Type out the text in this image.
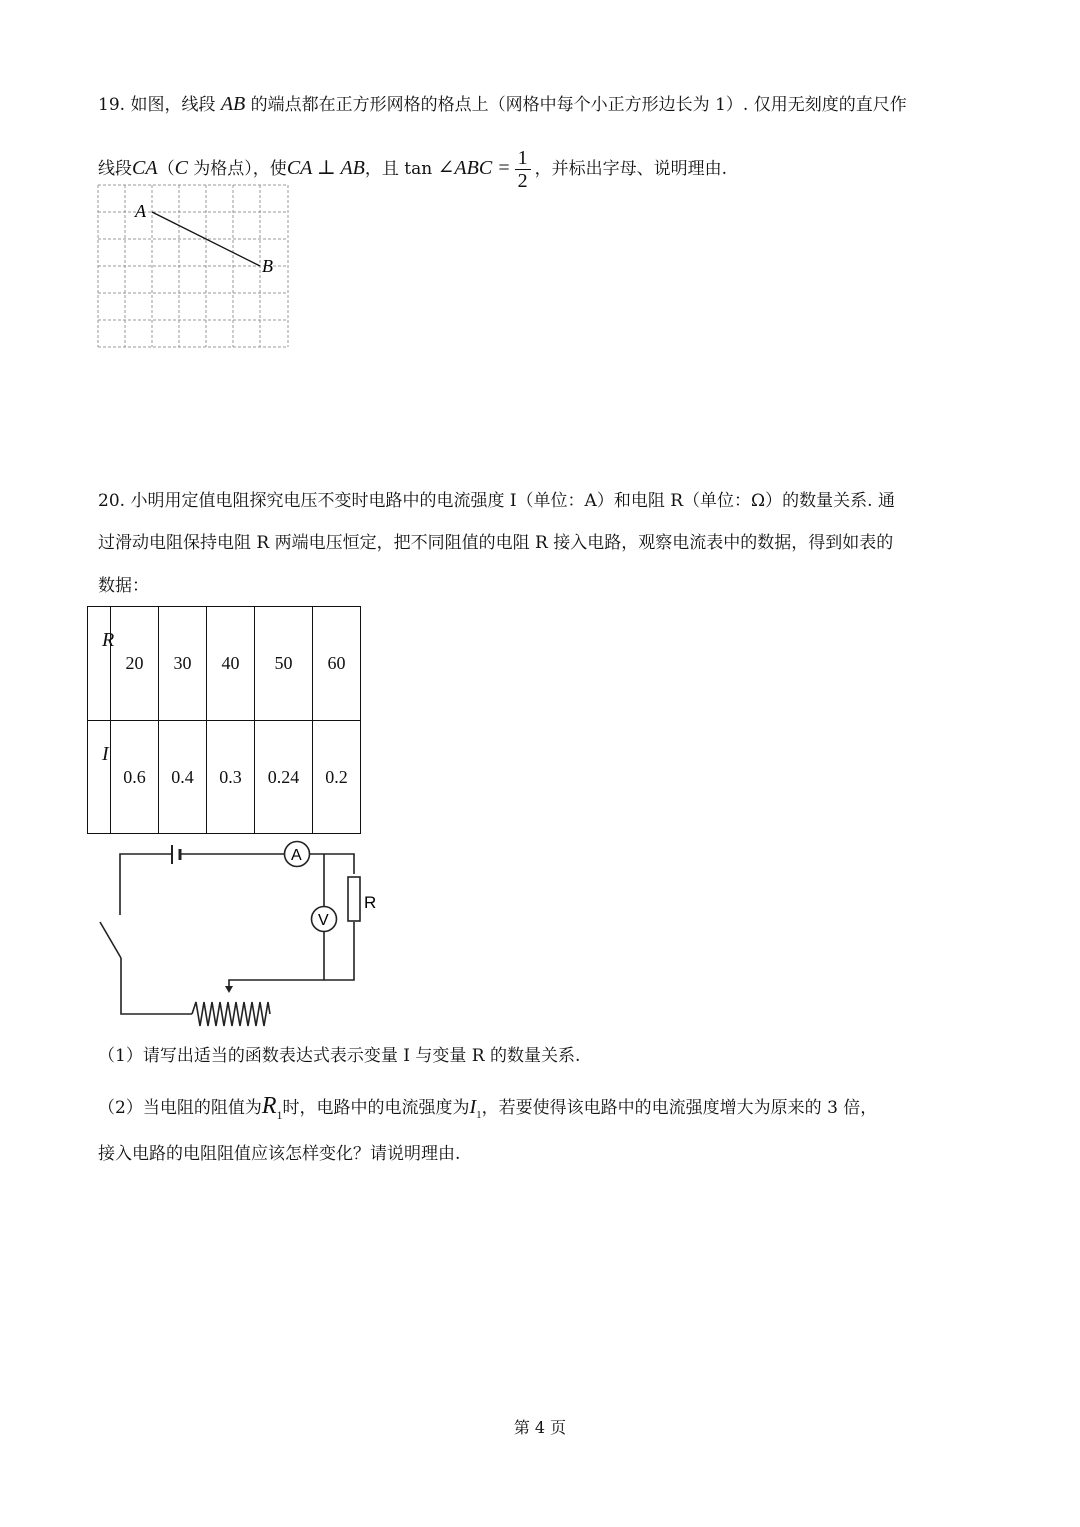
19. 如图，线段 AB 的端点都在正方形网格的格点上（网格中每个小正方形边长为 1）. 仅用无刻度的直尺作
线段CA（C 为格点），使CA ⊥ AB，且 tan ∠ABC = $\frac{1}{2}$ ，并标出字母、说明理由.
A
B
20. 小明用定值电阻探究电压不变时电路中的电流强度 I（单位：A）和电阻 R（单位：Ω）的数量关系. 通
过滑动电阻保持电阻 R 两端电压恒定，把不同阻值的电阻 R 接入电路，观察电流表中的数据，得到如表的
数据：
R	20	30	40	50	60

I	0.6	0.4	0.3	0.24	0.2
A
V
R
（1）请写出适当的函数表达式表示变量 I 与变量 R 的数量关系.
（2）当电阻的阻值为$R_1$时，电路中的电流强度为$I_1$，若要使得该电路中的电流强度增大为原来的 3 倍，
接入电路的电阻阻值应该怎样变化？请说明理由.
第 4 页
